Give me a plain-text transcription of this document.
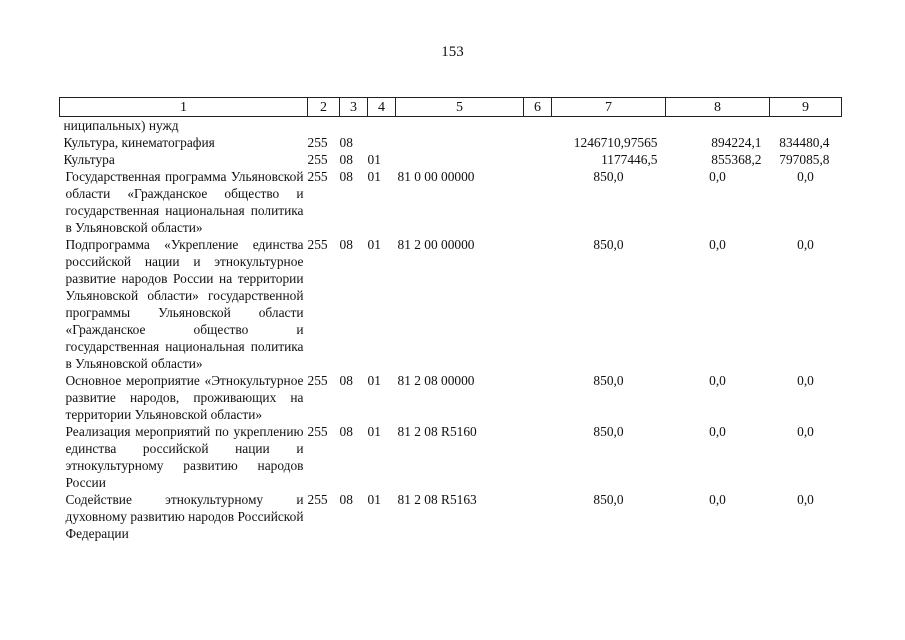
153
1	2	3	4	5	6	7	8	9
ниципальных) нужд								
Культура, кинематография	255	08				1246710,97565	894224,1	834480,4
Культура	255	08	01			1177446,5	855368,2	797085,8
Государственная программа Ульяновской области «Гражданское общество и государственная национальная политика в Ульяновской области»	255	08	01	81 0 00 00000		850,0	0,0	0,0
Подпрограмма «Укрепление единства российской нации и этнокультурное развитие народов России на территории Ульяновской области» государственной программы Ульяновской области «Гражданское общество и государственная национальная политика в Ульяновской области»	255	08	01	81 2 00 00000		850,0	0,0	0,0
Основное мероприятие «Этнокультурное развитие народов, проживающих на территории Ульяновской области»	255	08	01	81 2 08 00000		850,0	0,0	0,0
Реализация мероприятий по укреплению единства российской нации и этнокультурному развитию народов России	255	08	01	81 2 08 R5160		850,0	0,0	0,0
Содействие этнокультурному и духовному развитию народов Российской Федерации	255	08	01	81 2 08 R5163		850,0	0,0	0,0
